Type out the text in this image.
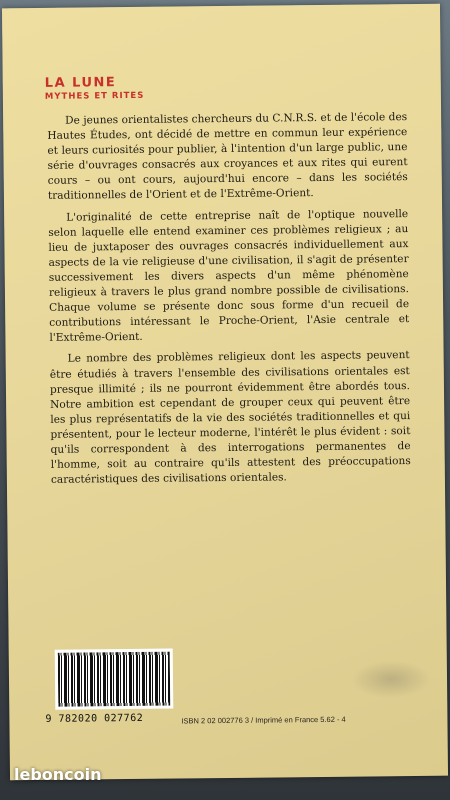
LA LUNE

MYTHES ET RITES

De jeunes orientalistes chercheurs du C.N.R.S. et de l'école des Hautes Études, ont décidé de mettre en commun leur expérience et leurs curiosités pour publier, à l'intention d'un large public, une série d'ouvrages consacrés aux croyances et aux rites qui eurent cours – ou ont cours, aujourd'hui encore – dans les sociétés traditionnelles de l'Orient et de l'Extrême-Orient.

L'originalité de cette entreprise naît de l'optique nouvelle selon laquelle elle entend examiner ces problèmes religieux ; au lieu de juxtaposer des ouvrages consacrés individuellement aux aspects de la vie religieuse d'une civilisation, il s'agit de présenter successivement les divers aspects d'un même phénomène religieux à travers le plus grand nombre possible de civilisations. Chaque volume se présente donc sous forme d'un recueil de contributions intéressant le Proche-Orient, l'Asie centrale et l'Extrême-Orient.

Le nombre des problèmes religieux dont les aspects peuvent être étudiés à travers l'ensemble des civilisations orientales est presque illimité ; ils ne pourront évidemment être abordés tous. Notre ambition est cependant de grouper ceux qui peuvent être les plus représentatifs de la vie des sociétés traditionnelles et qui présentent, pour le lecteur moderne, l'intérêt le plus évident : soit qu'ils correspondent à des interrogations permanentes de l'homme, soit au contraire qu'ils attestent des préoccupations caractéristiques des civilisations orientales.

9 782020 027762	ISBN 2 02 002776 3 / Imprimé en France 5.62 - 4
leboncoin
